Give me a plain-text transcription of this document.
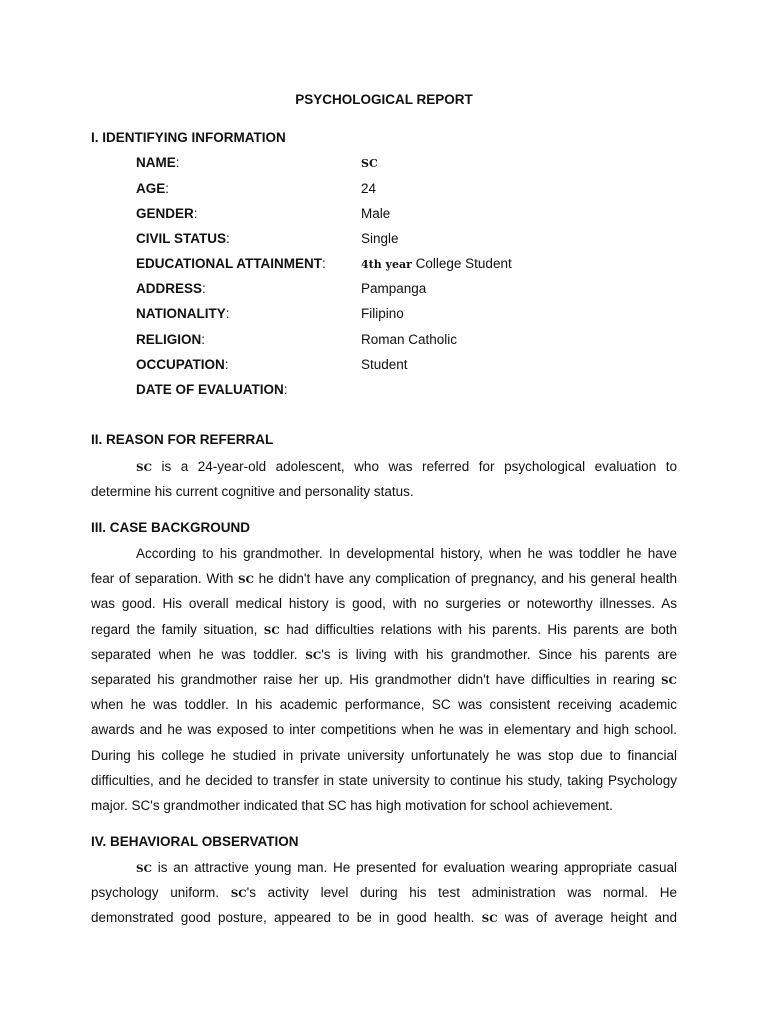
PSYCHOLOGICAL REPORT
I. IDENTIFYING INFORMATION
NAME:	SC
AGE:	24
GENDER:	Male
CIVIL STATUS:	Single
EDUCATIONAL ATTAINMENT:	4th year College Student
ADDRESS:	Pampanga
NATIONALITY:	Filipino
RELIGION:	Roman Catholic
OCCUPATION:	Student
DATE OF EVALUATION:
II. REASON FOR REFERRAL
SC is a 24-year-old adolescent, who was referred for psychological evaluation to
determine his current cognitive and personality status.
III. CASE BACKGROUND
According to his grandmother. In developmental history, when he was toddler he have
fear of separation. With SC he didn't have any complication of pregnancy, and his general health
was good. His overall medical history is good, with no surgeries or noteworthy illnesses. As
regard the family situation, SC had difficulties relations with his parents. His parents are both
separated when he was toddler. SC's is living with his grandmother. Since his parents are
separated his grandmother raise her up. His grandmother didn't have difficulties in rearing SC
when he was toddler. In his academic performance, SC was consistent receiving academic
awards and he was exposed to inter competitions when he was in elementary and high school.
During his college he studied in private university unfortunately he was stop due to financial
difficulties, and he decided to transfer in state university to continue his study, taking Psychology
major. SC's grandmother indicated that SC has high motivation for school achievement.
IV. BEHAVIORAL OBSERVATION
SC is an attractive young man. He presented for evaluation wearing appropriate casual
psychology uniform. SC's activity level during his test administration was normal. He
demonstrated good posture, appeared to be in good health. SC was of average height and
